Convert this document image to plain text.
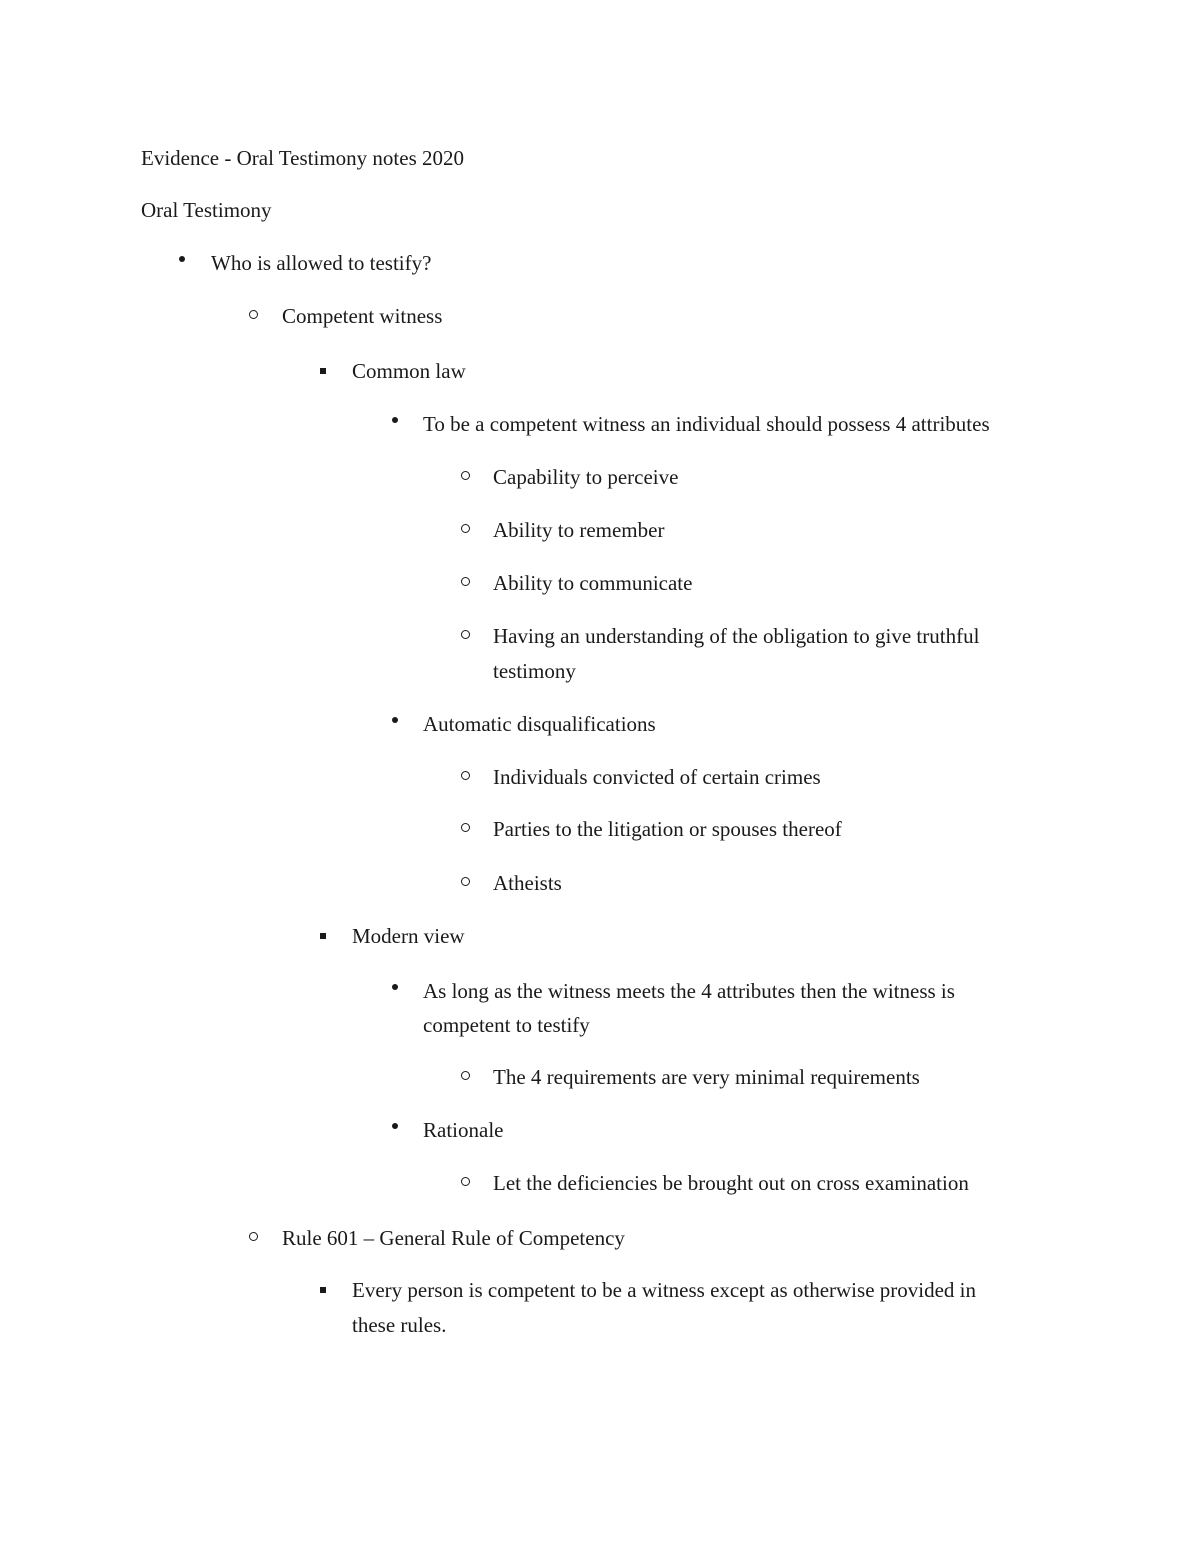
Evidence - Oral Testimony notes 2020
Oral Testimony
Who is allowed to testify?
Competent witness
Common law
To be a competent witness an individual should possess 4 attributes
Capability to perceive
Ability to remember
Ability to communicate
Having an understanding of the obligation to give truthful
testimony
Automatic disqualifications
Individuals convicted of certain crimes
Parties to the litigation or spouses thereof
Atheists
Modern view
As long as the witness meets the 4 attributes then the witness is
competent to testify
The 4 requirements are very minimal requirements
Rationale
Let the deficiencies be brought out on cross examination
Rule 601 – General Rule of Competency
Every person is competent to be a witness except as otherwise provided in
these rules.
